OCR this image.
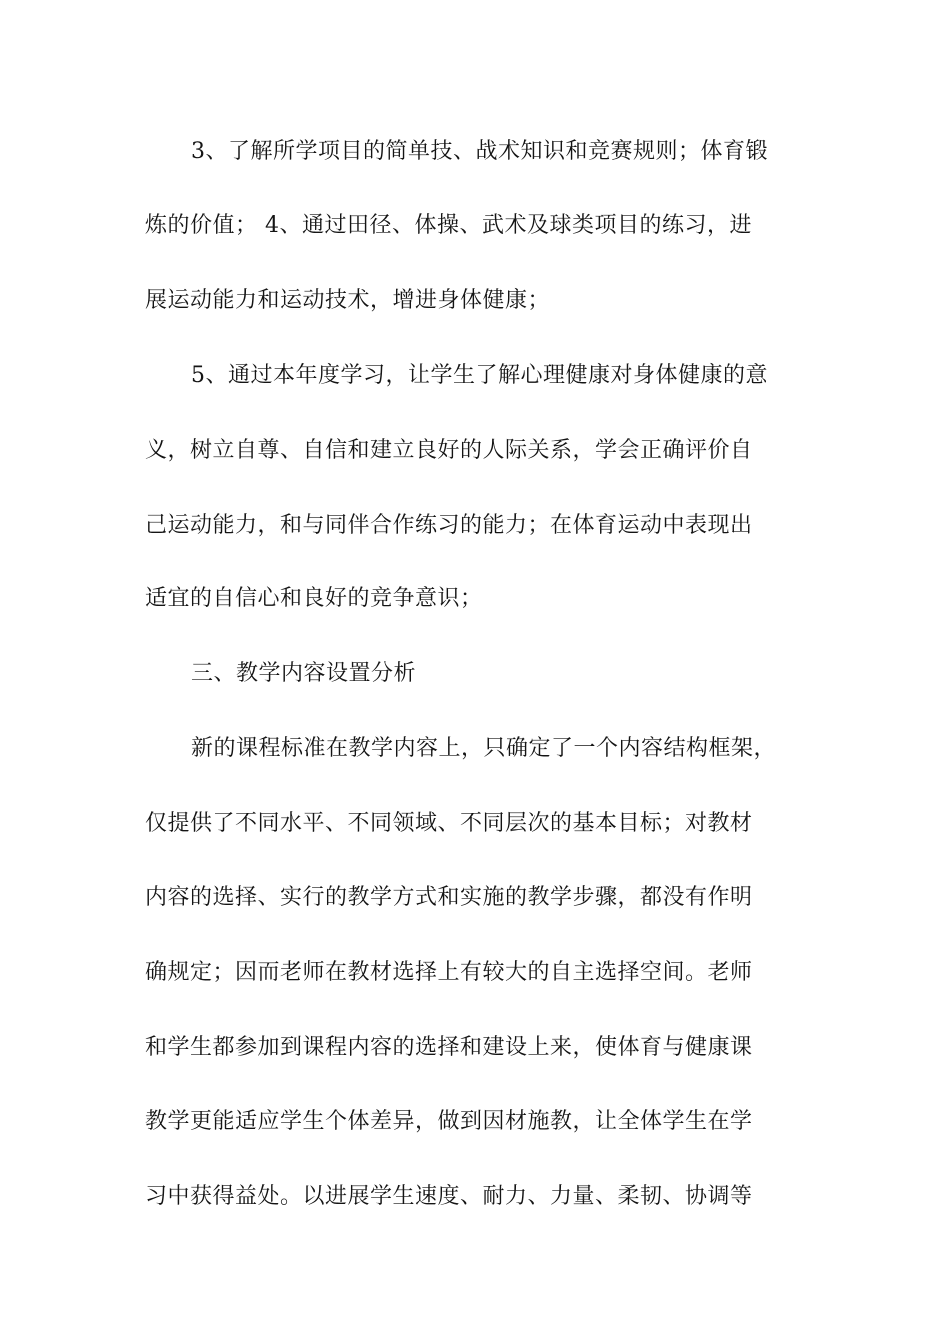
3、了解所学项目的简单技、战术知识和竞赛规则；体育锻
炼的价值； 4、通过田径、体操、武术及球类项目的练习，进
展运动能力和运动技术，增进身体健康；
5、通过本年度学习，让学生了解心理健康对身体健康的意
义，树立自尊、自信和建立良好的人际关系，学会正确评价自
己运动能力，和与同伴合作练习的能力；在体育运动中表现出
适宜的自信心和良好的竞争意识；
三、教学内容设置分析
新的课程标准在教学内容上，只确定了一个内容结构框架，
仅提供了不同水平、不同领域、不同层次的基本目标；对教材
内容的选择、实行的教学方式和实施的教学步骤，都没有作明
确规定；因而老师在教材选择上有较大的自主选择空间。老师
和学生都参加到课程内容的选择和建设上来，使体育与健康课
教学更能适应学生个体差异，做到因材施教，让全体学生在学
习中获得益处。以进展学生速度、耐力、力量、柔韧、协调等
